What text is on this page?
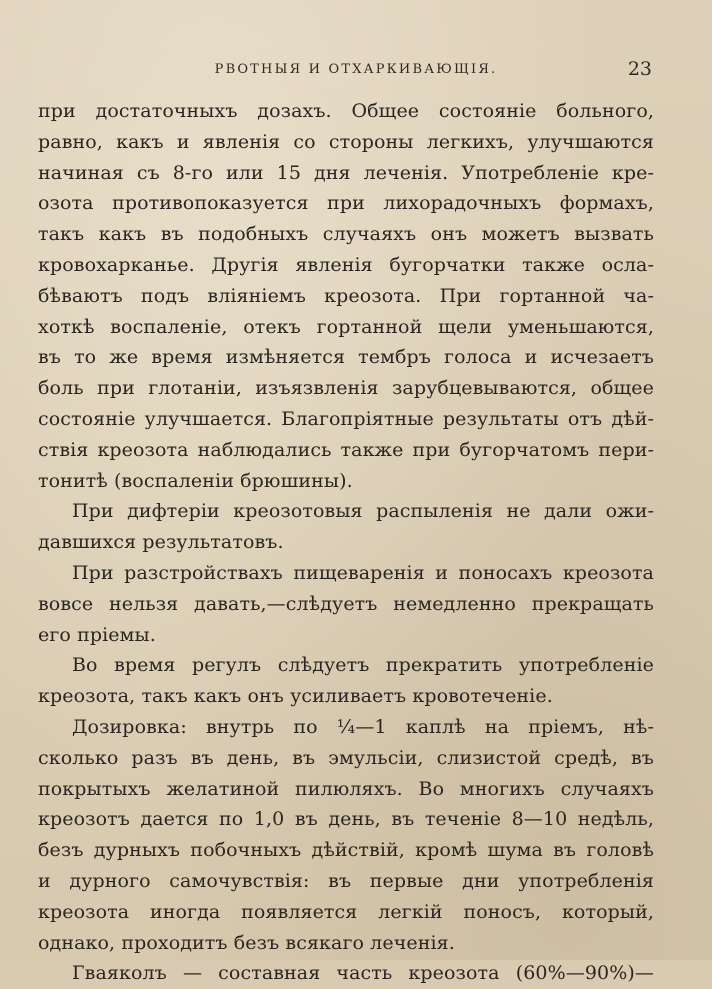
РВОТНЫЯ И ОТХАРКИВАЮЩІЯ.	23
при достаточныхъ дозахъ. Общее состояніе больного,
равно, какъ и явленія со стороны легкихъ, улучшаются
начиная съ 8-го или 15 дня леченія. Употребленіе кре-
озота противопоказуется при лихорадочныхъ формахъ,
такъ какъ въ подобныхъ случаяхъ онъ можетъ вызвать
кровохарканье. Другія явленія бугорчатки также осла-
бѣваютъ подъ вліяніемъ креозота. При гортанной ча-
хоткѣ воспаленіе, отекъ гортанной щели уменьшаются,
въ то же время измѣняется тембръ голоса и исчезаетъ
боль при глотаніи, изъязвленія зарубцевываются, общее
состояніе улучшается. Благопріятные результаты отъ дѣй-
ствія креозота наблюдались также при бугорчатомъ пери-
тонитѣ (воспаленіи брюшины).
При дифтеріи креозотовыя распыленія не дали ожи-
давшихся результатовъ.
При разстройствахъ пищеваренія и поносахъ креозота
вовсе нельзя давать,—слѣдуетъ немедленно прекращать
его пріемы.
Во время регулъ слѣдуетъ прекратить употребленіе
креозота, такъ какъ онъ усиливаетъ кровотеченіе.
Дозировка: внутрь по ¼—1 каплѣ на пріемъ, нѣ-
сколько разъ въ день, въ эмульсіи, слизистой средѣ, въ
покрытыхъ желатиной пилюляхъ. Во многихъ случаяхъ
креозотъ дается по 1,0 въ день, въ теченіе 8—10 недѣль,
безъ дурныхъ побочныхъ дѣйствій, кромѣ шума въ головѣ
и дурного самочувствія: въ первые дни употребленія
креозота иногда появляется легкій поносъ, который,
однако, проходитъ безъ всякаго леченія.
Гваяколъ — составная часть креозота (60%—90%)—
